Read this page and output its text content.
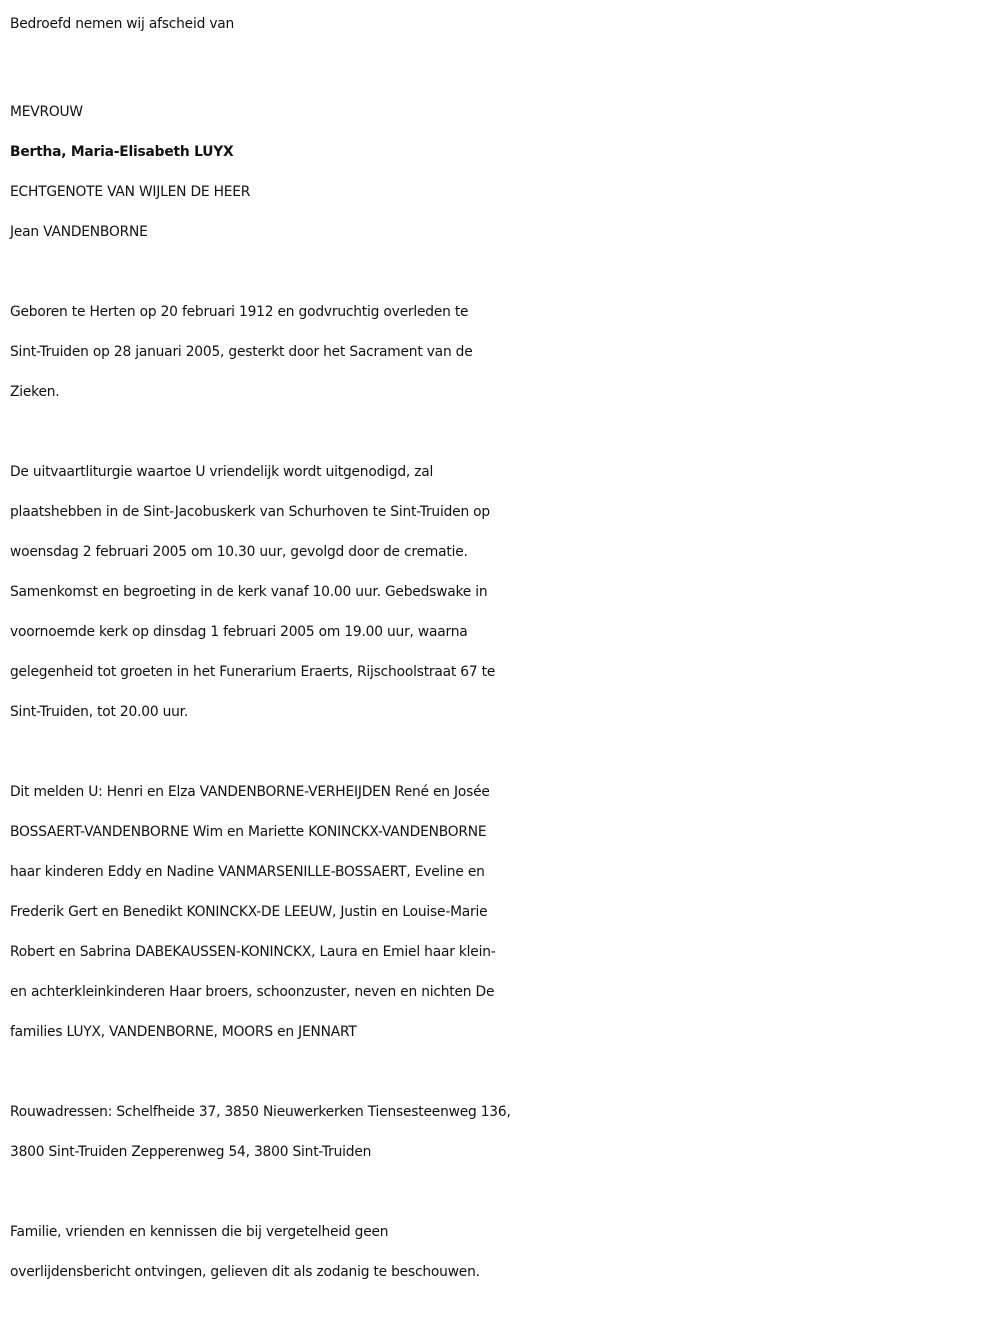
Bedroefd nemen wij afscheid van

MEVROUW

Bertha, Maria-Elisabeth LUYX

ECHTGENOTE VAN WIJLEN DE HEER

Jean VANDENBORNE

Geboren te Herten op 20 februari 1912 en godvruchtig overleden te

Sint-Truiden op 28 januari 2005, gesterkt door het Sacrament van de

Zieken.

De uitvaartliturgie waartoe U vriendelijk wordt uitgenodigd, zal

plaatshebben in de Sint-Jacobuskerk van Schurhoven te Sint-Truiden op

woensdag 2 februari 2005 om 10.30 uur, gevolgd door de crematie.

Samenkomst en begroeting in de kerk vanaf 10.00 uur. Gebedswake in

voornoemde kerk op dinsdag 1 februari 2005 om 19.00 uur, waarna

gelegenheid tot groeten in het Funerarium Eraerts, Rijschoolstraat 67 te

Sint-Truiden, tot 20.00 uur.

Dit melden U: Henri en Elza VANDENBORNE-VERHEIJDEN René en Josée

BOSSAERT-VANDENBORNE Wim en Mariette KONINCKX-VANDENBORNE

haar kinderen Eddy en Nadine VANMARSENILLE-BOSSAERT, Eveline en

Frederik Gert en Benedikt KONINCKX-DE LEEUW, Justin en Louise-Marie

Robert en Sabrina DABEKAUSSEN-KONINCKX, Laura en Emiel haar klein-

en achterkleinkinderen Haar broers, schoonzuster, neven en nichten De

families LUYX, VANDENBORNE, MOORS en JENNART

Rouwadressen: Schelfheide 37, 3850 Nieuwerkerken Tiensesteenweg 136,

3800 Sint-Truiden Zepperenweg 54, 3800 Sint-Truiden

Familie, vrienden en kennissen die bij vergetelheid geen

overlijdensbericht ontvingen, gelieven dit als zodanig te beschouwen.
